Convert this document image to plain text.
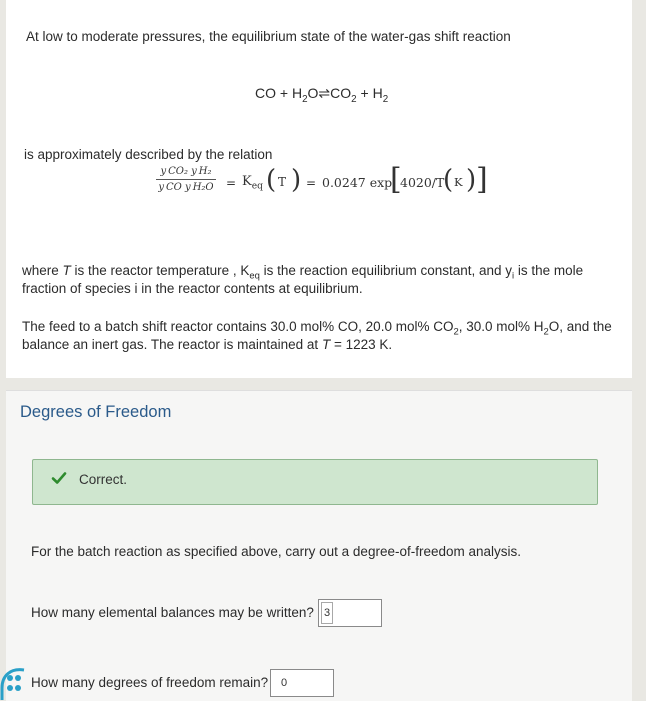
At low to moderate pressures, the equilibrium state of the water-gas shift reaction
CO + $H_2O\rightleftharpoons CO_2 + H_2$
is approximately described by the relation
$\frac{\text{y CO₂ y H₂}}{\text{y CO y H₂O}} = K_{eq}$ ( T ) = 0.0247 exp
[
4020/T
( K ) ]
where T is the reactor temperature , $K_{eq}$ is the reaction equilibrium constant, and $y_i$ is the mole
fraction of species i in the reactor contents at equilibrium.
The feed to a batch shift reactor contains 30.0 mol% CO, 20.0 mol% $CO_2$, 30.0 mol% $H_2O$, and the
balance an inert gas. The reactor is maintained at T = 1223 K.
Degrees of Freedom
Correct.
For the batch reaction as specified above, carry out a degree-of-freedom analysis.
How many elemental balances may be written? 3
How many degrees of freedom remain?	0
